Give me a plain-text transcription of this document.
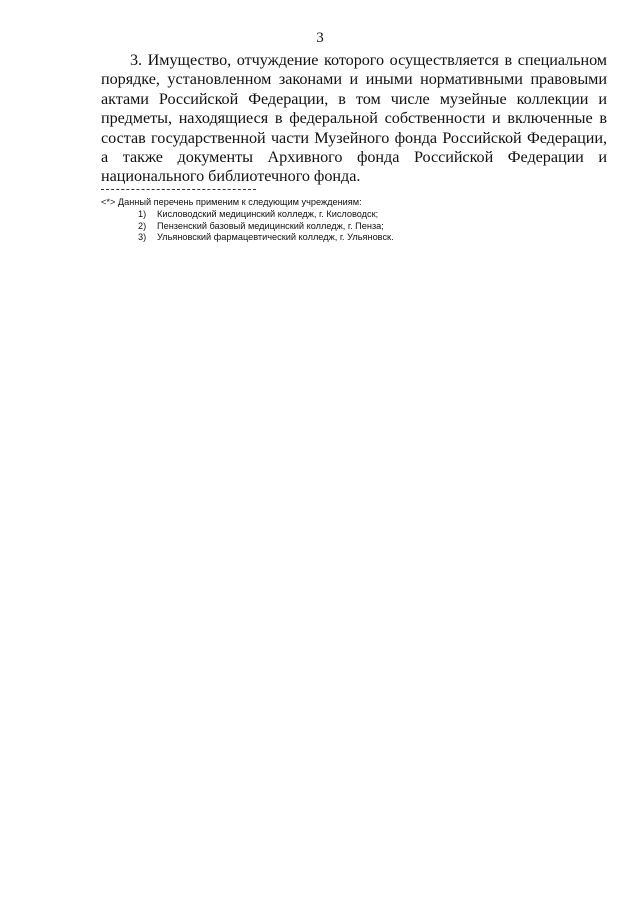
3

3. Имущество, отчуждение которого осуществляется в специальном порядке, установленном законами и иными нормативными правовыми актами Российской Федерации, в том числе музейные коллекции и предметы, находящиеся в федеральной собственности и включенные в состав государственной части Музейного фонда Российской Федерации, а также документы Архивного фонда Российской Федерации и национального библиотечного фонда.

<*> Данный перечень применим к следующим учреждениям:

1) Кисловодский медицинский колледж, г. Кисловодск;
2) Пензенский базовый медицинский колледж, г. Пенза;
3) Ульяновский фармацевтический колледж, г. Ульяновск.
